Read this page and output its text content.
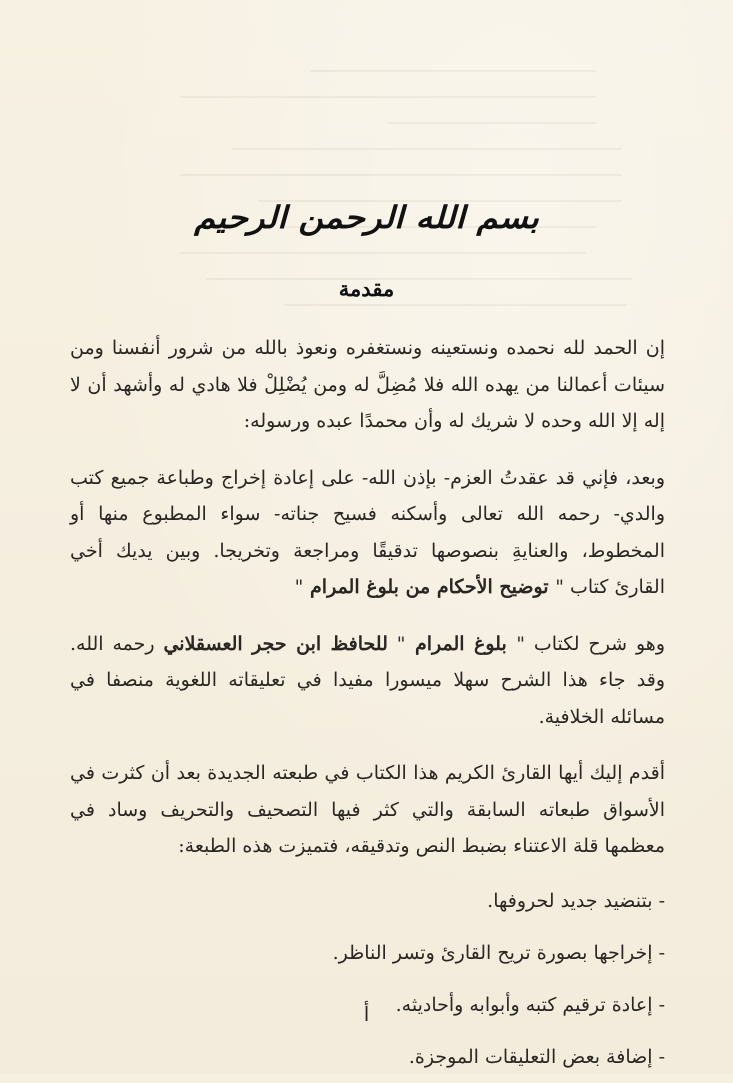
بسم الله الرحمن الرحيم
مقدمة

إن الحمد لله نحمده ونستعينه ونستغفره ونعوذ بالله من شرور أنفسنا ومن سيئات أعمالنا من يهده الله فلا مُضِلَّ له ومن يُضْلِلْ فلا هادي له وأشهد أن لا إله إلا الله وحده لا شريك له وأن محمدًا عبده ورسوله:

وبعد، فإني قد عقدتُ العزم- بإذن الله- على إعادة إخراج وطباعة جميع كتب والدي- رحمه الله تعالى وأسكنه فسيح جناته- سواء المطبوع منها أو المخطوط، والعنايةِ بنصوصها تدقيقًا ومراجعة وتخريجا. وبين يديك أخي القارئ كتاب " توضيح الأحكام من بلوغ المرام "

وهو شرح لكتاب " بلوغ المرام " للحافظ ابن حجر العسقلاني رحمه الله. وقد جاء هذا الشرح سهلا ميسورا مفيدا في تعليقاته اللغوية منصفا في مسائله الخلافية.

أقدم إليك أيها القارئ الكريم هذا الكتاب في طبعته الجديدة بعد أن كثرت في الأسواق طبعاته السابقة والتي كثر فيها التصحيف والتحريف وساد في معظمها قلة الاعتناء بضبط النص وتدقيقه، فتميزت هذه الطبعة:

- بتنضيد جديد لحروفها.
- إخراجها بصورة تريح القارئ وتسر الناظر.
- إعادة ترقيم كتبه وأبوابه وأحاديثه.
- إضافة بعض التعليقات الموجزة.
أ
